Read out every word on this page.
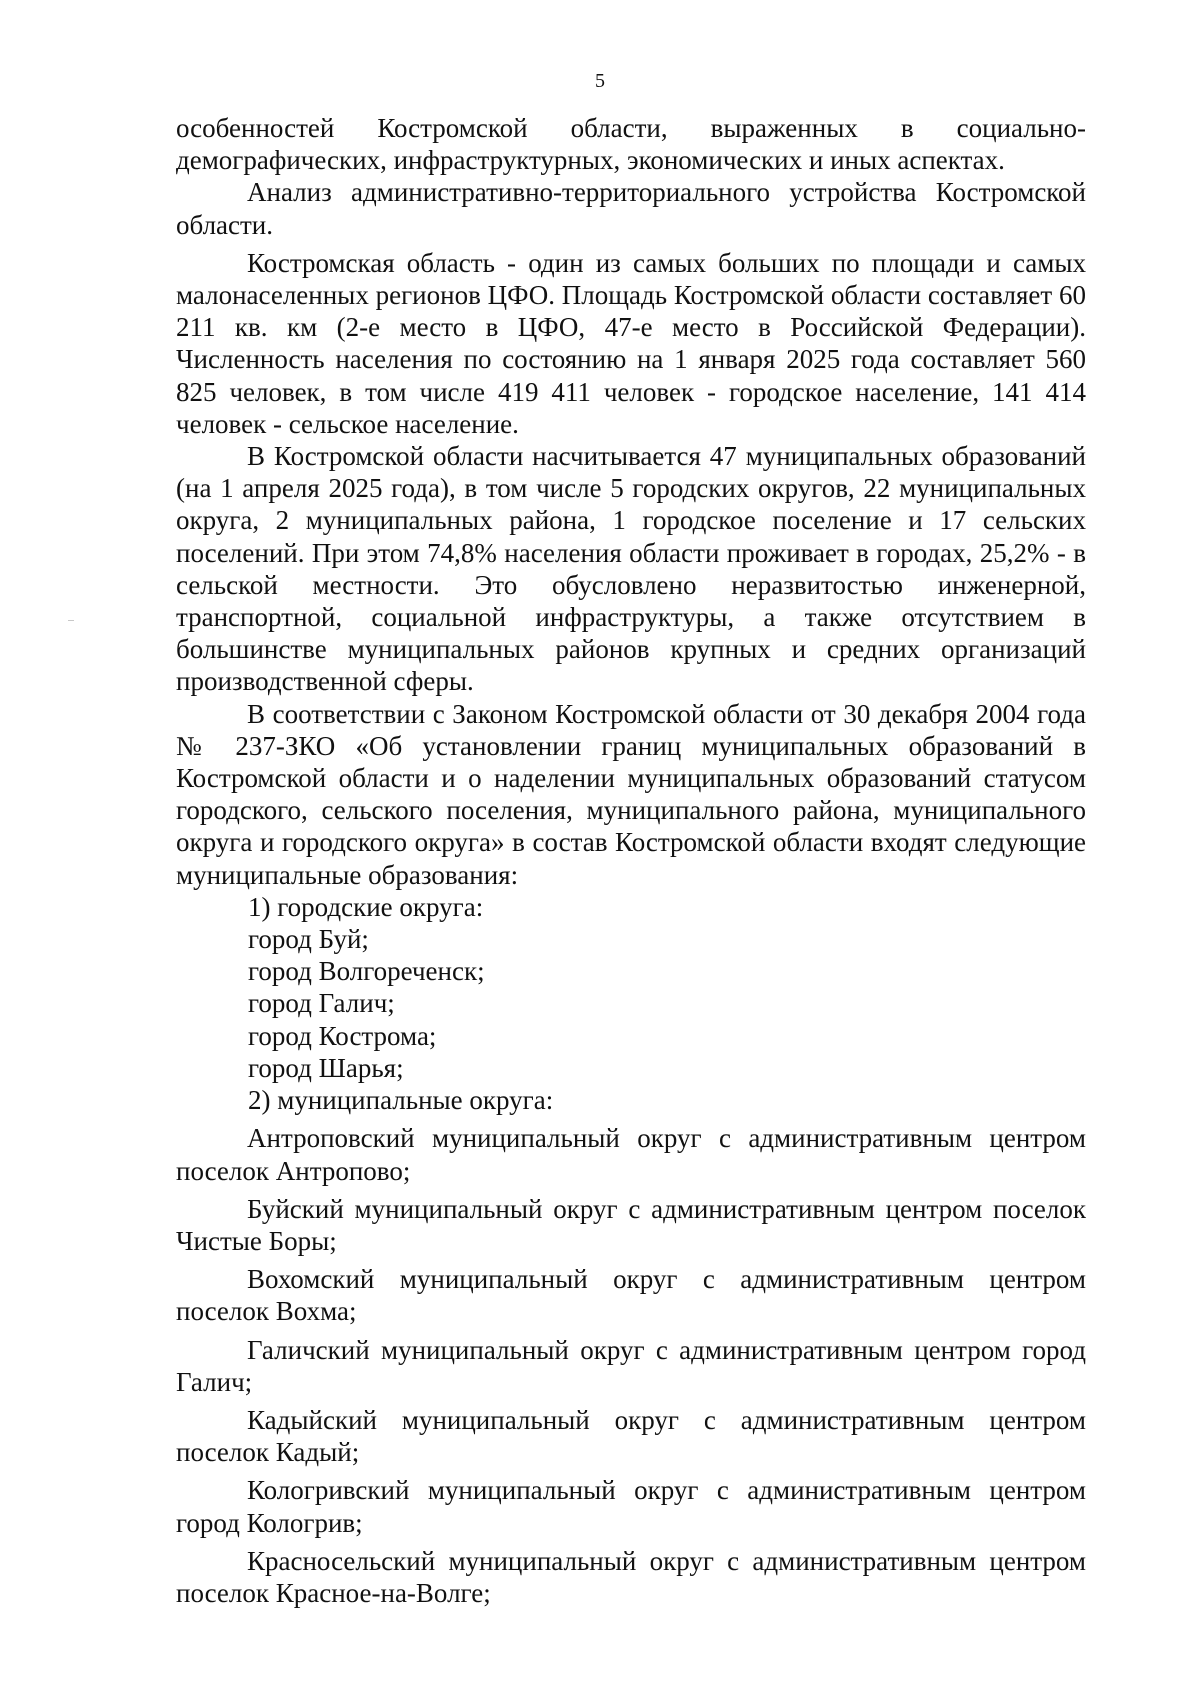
5

особенностей Костромской области, выраженных в социально-демографических, инфраструктурных, экономических и иных аспектах.

Анализ административно-территориального устройства Костромской области.

Костромская область - один из самых больших по площади и самых малонаселенных регионов ЦФО. Площадь Костромской области составляет 60 211 кв. км (2-е место в ЦФО, 47-е место в Российской Федерации). Численность населения по состоянию на 1 января 2025 года составляет 560 825 человек, в том числе 419 411 человек - городское население, 141 414 человек - сельское население.

В Костромской области насчитывается 47 муниципальных образований (на 1 апреля 2025 года), в том числе 5 городских округов, 22 муниципальных округа, 2 муниципальных района, 1 городское поселение и 17 сельских поселений. При этом 74,8% населения области проживает в городах, 25,2% - в сельской местности. Это обусловлено неразвитостью инженерной, транспортной, социальной инфраструктуры, а также отсутствием в большинстве муниципальных районов крупных и средних организаций производственной сферы.

В соответствии с Законом Костромской области от 30 декабря 2004 года № 237-ЗКО «Об установлении границ муниципальных образований в Костромской области и о наделении муниципальных образований статусом городского, сельского поселения, муниципального района, муниципального округа и городского округа» в состав Костромской области входят следующие муниципальные образования:

1) городские округа:

город Буй;

город Волгореченск;

город Галич;

город Кострома;

город Шарья;

2) муниципальные округа:

Антроповский муниципальный округ с административным центром поселок Антропово;

Буйский муниципальный округ с административным центром поселок Чистые Боры;

Вохомский муниципальный округ с административным центром поселок Вохма;

Галичский муниципальный округ с административным центром город Галич;

Кадыйский муниципальный округ с административным центром поселок Кадый;

Кологривский муниципальный округ с административным центром город Кологрив;

Красносельский муниципальный округ с административным центром поселок Красное-на-Волге;
